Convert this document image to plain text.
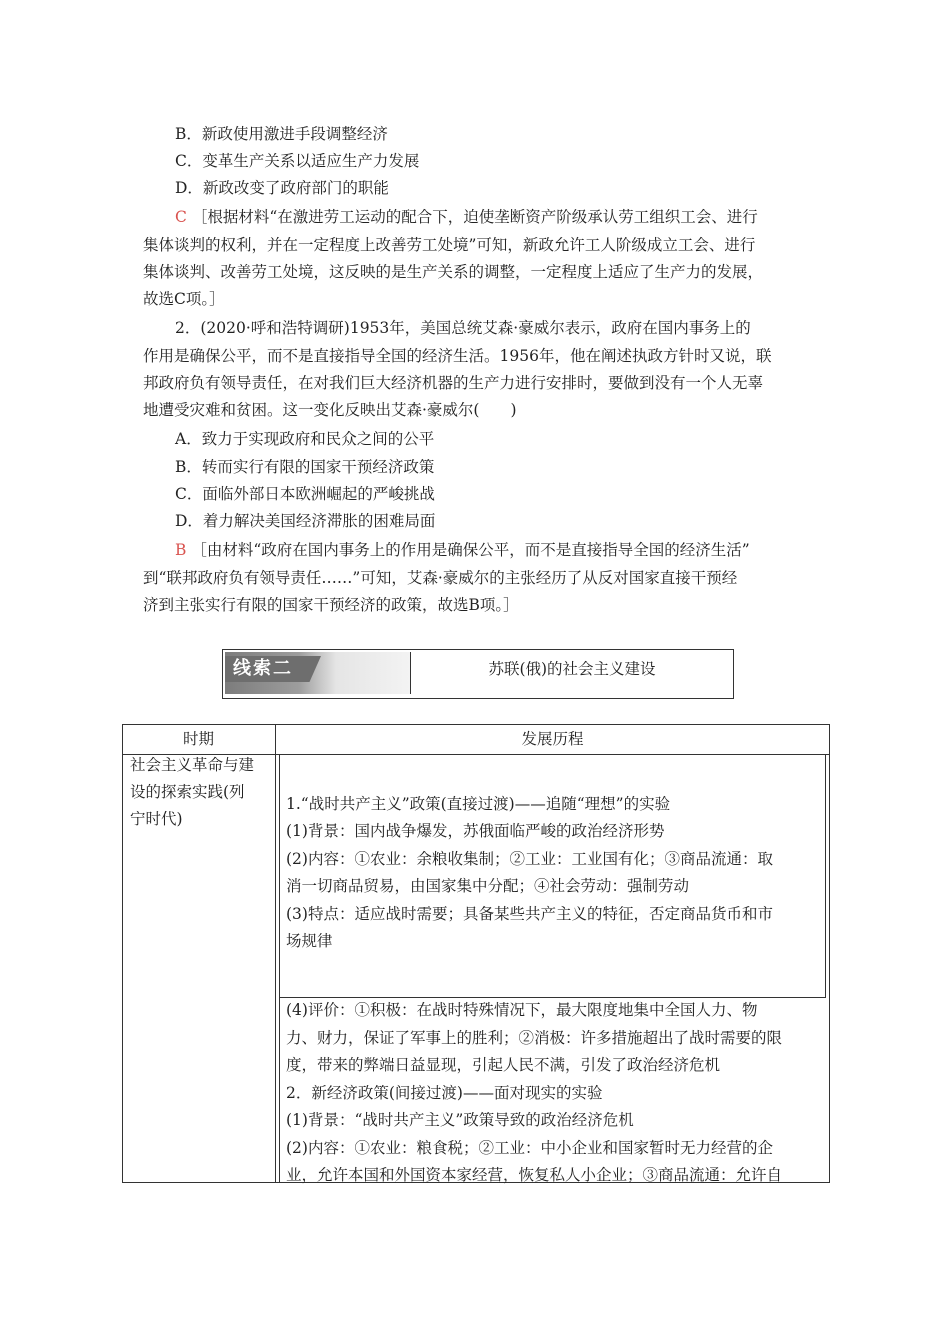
B．新政使用激进手段调整经济
C．变革生产关系以适应生产力发展
D．新政改变了政府部门的职能
C ［根据材料“在激进劳工运动的配合下，迫使垄断资产阶级承认劳工组织工会、进行
集体谈判的权利，并在一定程度上改善劳工处境”可知，新政允许工人阶级成立工会、进行
集体谈判、改善劳工处境，这反映的是生产关系的调整，一定程度上适应了生产力的发展，
故选C项。］
2．(2020·呼和浩特调研)1953年，美国总统艾森·豪威尔表示，政府在国内事务上的
作用是确保公平，而不是直接指导全国的经济生活。1956年，他在阐述执政方针时又说，联
邦政府负有领导责任，在对我们巨大经济机器的生产力进行安排时，要做到没有一个人无辜
地遭受灾难和贫困。这一变化反映出艾森·豪威尔(　　)
A．致力于实现政府和民众之间的公平
B．转而实行有限的国家干预经济政策
C．面临外部日本欧洲崛起的严峻挑战
D．着力解决美国经济滞胀的困难局面
B ［由材料“政府在国内事务上的作用是确保公平，而不是直接指导全国的经济生活”
到“联邦政府负有领导责任……”可知，艾森·豪威尔的主张经历了从反对国家直接干预经
济到主张实行有限的国家干预经济的政策，故选B项。］
线索二	苏联(俄)的社会主义建设
时期	发展历程
社会主义革命与建
设的探索实践(列
宁时代)
1.“战时共产主义”政策(直接过渡)——追随“理想”的实验
(1)背景：国内战争爆发，苏俄面临严峻的政治经济形势
(2)内容：①农业：余粮收集制；②工业：工业国有化；③商品流通：取
消一切商品贸易，由国家集中分配；④社会劳动：强制劳动
(3)特点：适应战时需要；具备某些共产主义的特征，否定商品货币和市
场规律
(4)评价：①积极：在战时特殊情况下，最大限度地集中全国人力、物
力、财力，保证了军事上的胜利；②消极：许多措施超出了战时需要的限
度，带来的弊端日益显现，引起人民不满，引发了政治经济危机
2．新经济政策(间接过渡)——面对现实的实验
(1)背景：“战时共产主义”政策导致的政治经济危机
(2)内容：①农业：粮食税；②工业：中小企业和国家暂时无力经营的企
业，允许本国和外国资本家经营，恢复私人小企业；③商品流通：允许自
